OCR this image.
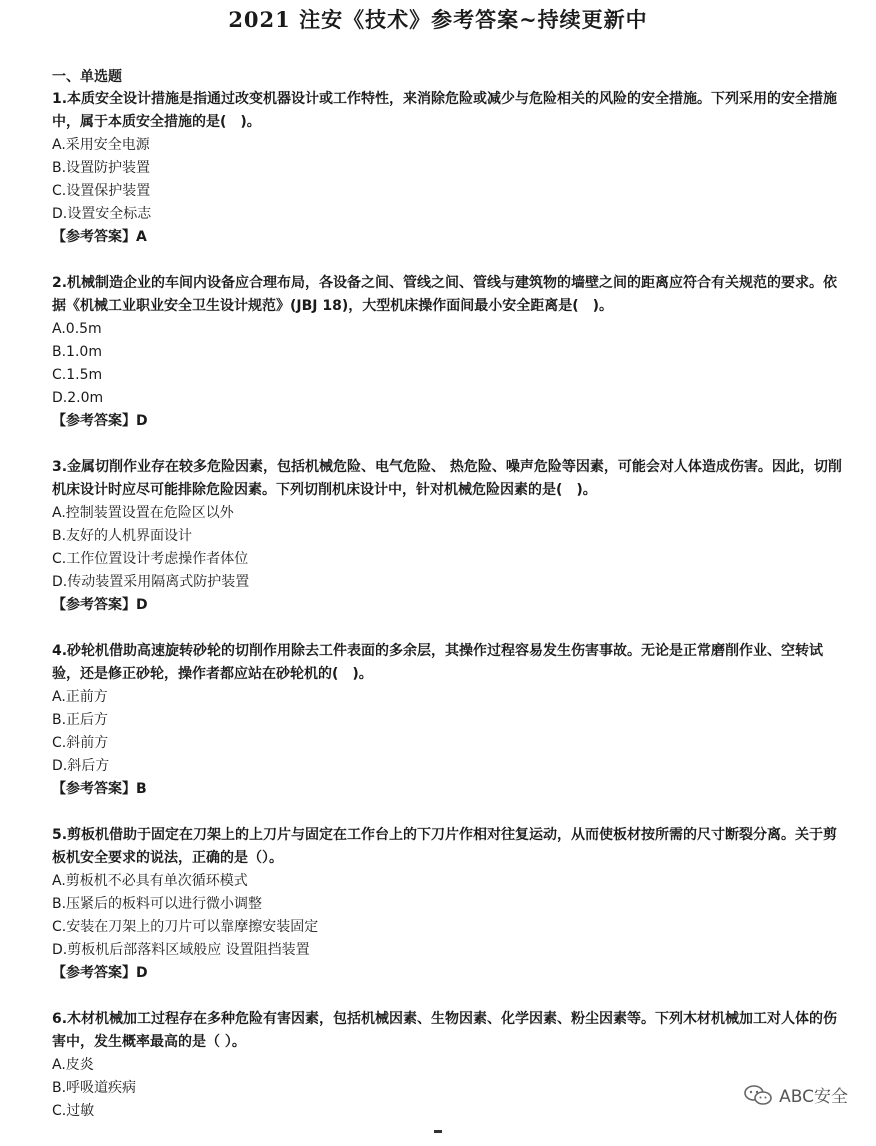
2021 注安《技术》参考答案~持续更新中
一、单选题
1.本质安全设计措施是指通过改变机器设计或工作特性，来消除危险或减少与危险相关的风险的安全措施。下列采用的安全措施中，属于本质安全措施的是(　)。
A.采用安全电源
B.设置防护装置
C.设置保护装置
D.设置安全标志
【参考答案】A
2.机械制造企业的车间内设备应合理布局，各设备之间、管线之间、管线与建筑物的墙壁之间的距离应符合有关规范的要求。依据《机械工业职业安全卫生设计规范》(JBJ 18)，大型机床操作面间最小安全距离是(　)。
A.0.5m
B.1.0m
C.1.5m
D.2.0m
【参考答案】D
3.金属切削作业存在较多危险因素，包括机械危险、电气危险、 热危险、噪声危险等因素，可能会对人体造成伤害。因此，切削机床设计时应尽可能排除危险因素。下列切削机床设计中，针对机械危险因素的是(　)。
A.控制装置设置在危险区以外
B.友好的人机界面设计
C.工作位置设计考虑操作者体位
D.传动装置采用隔离式防护装置
【参考答案】D
4.砂轮机借助高速旋转砂轮的切削作用除去工件表面的多余层，其操作过程容易发生伤害事故。无论是正常磨削作业、空转试验，还是修正砂轮，操作者都应站在砂轮机的(　)。
A.正前方
B.正后方
C.斜前方
D.斜后方
【参考答案】B
5.剪板机借助于固定在刀架上的上刀片与固定在工作台上的下刀片作相对往复运动，从而使板材按所需的尺寸断裂分离。关于剪板机安全要求的说法，正确的是（）。
A.剪板机不必具有单次循环模式
B.压紧后的板料可以进行微小调整
C.安装在刀架上的刀片可以靠摩擦安装固定
D.剪板机后部落料区域般应 设置阻挡装置
【参考答案】D
6.木材机械加工过程存在多种危险有害因素，包括机械因素、生物因素、化学因素、粉尘因素等。下列木材机械加工对人体的伤害中，发生概率最高的是（ ）。
A.皮炎
B.呼吸道疾病
C.过敏
ABC安全
